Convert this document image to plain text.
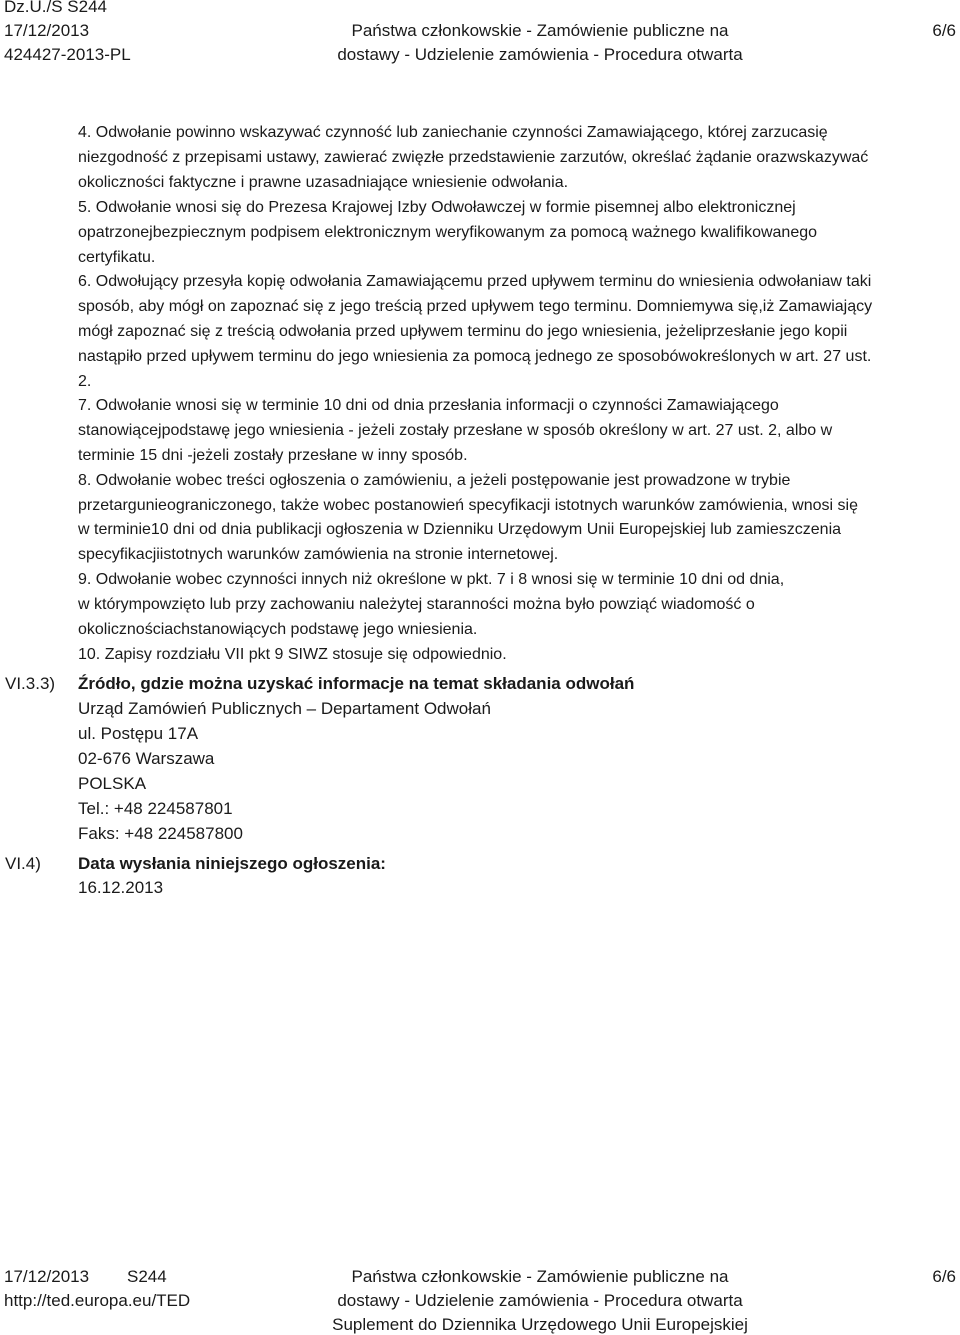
Dz.U./S S244
17/12/2013
424427-2013-PL
Państwa członkowskie - Zamówienie publiczne na
dostawy - Udzielenie zamówienia - Procedura otwarta
6/6
4. Odwołanie powinno wskazywać czynność lub zaniechanie czynności Zamawiającego, której zarzucasię
niezgodność z przepisami ustawy, zawierać zwięzłe przedstawienie zarzutów, określać żądanie orazwskazywać
okoliczności faktyczne i prawne uzasadniające wniesienie odwołania.
5. Odwołanie wnosi się do Prezesa Krajowej Izby Odwoławczej w formie pisemnej albo elektronicznej
opatrzonejbezpiecznym podpisem elektronicznym weryfikowanym za pomocą ważnego kwalifikowanego
certyfikatu.
6. Odwołujący przesyła kopię odwołania Zamawiającemu przed upływem terminu do wniesienia odwołaniaw taki
sposób, aby mógł on zapoznać się z jego treścią przed upływem tego terminu. Domniemywa się,iż Zamawiający
mógł zapoznać się z treścią odwołania przed upływem terminu do jego wniesienia, jeżeliprzesłanie jego kopii
nastąpiło przed upływem terminu do jego wniesienia za pomocą jednego ze sposobówokreślonych w art. 27 ust.
2.
7. Odwołanie wnosi się w terminie 10 dni od dnia przesłania informacji o czynności Zamawiającego
stanowiącejpodstawę jego wniesienia - jeżeli zostały przesłane w sposób określony w art. 27 ust. 2, albo w
terminie 15 dni -jeżeli zostały przesłane w inny sposób.
8. Odwołanie wobec treści ogłoszenia o zamówieniu, a jeżeli postępowanie jest prowadzone w trybie
przetargunieograniczonego, także wobec postanowień specyfikacji istotnych warunków zamówienia, wnosi się
w terminie10 dni od dnia publikacji ogłoszenia w Dzienniku Urzędowym Unii Europejskiej lub zamieszczenia
specyfikacjiistotnych warunków zamówienia na stronie internetowej.
9. Odwołanie wobec czynności innych niż określone w pkt. 7 i 8 wnosi się w terminie 10 dni od dnia,
w którympowzięto lub przy zachowaniu należytej staranności można było powziąć wiadomość o
okolicznościachstanowiących podstawę jego wniesienia.
10. Zapisy rozdziału VII pkt 9 SIWZ stosuje się odpowiednio.
VI.3.3) Źródło, gdzie można uzyskać informacje na temat składania odwołań
Urząd Zamówień Publicznych – Departament Odwołań
ul. Postępu 17A
02-676 Warszawa
POLSKA
Tel.: +48 224587801
Faks: +48 224587800
VI.4) Data wysłania niniejszego ogłoszenia:
16.12.2013
17/12/2013 S244
http://ted.europa.eu/TED
Państwa członkowskie - Zamówienie publiczne na
dostawy - Udzielenie zamówienia - Procedura otwarta
Suplement do Dziennika Urzędowego Unii Europejskiej
6/6
